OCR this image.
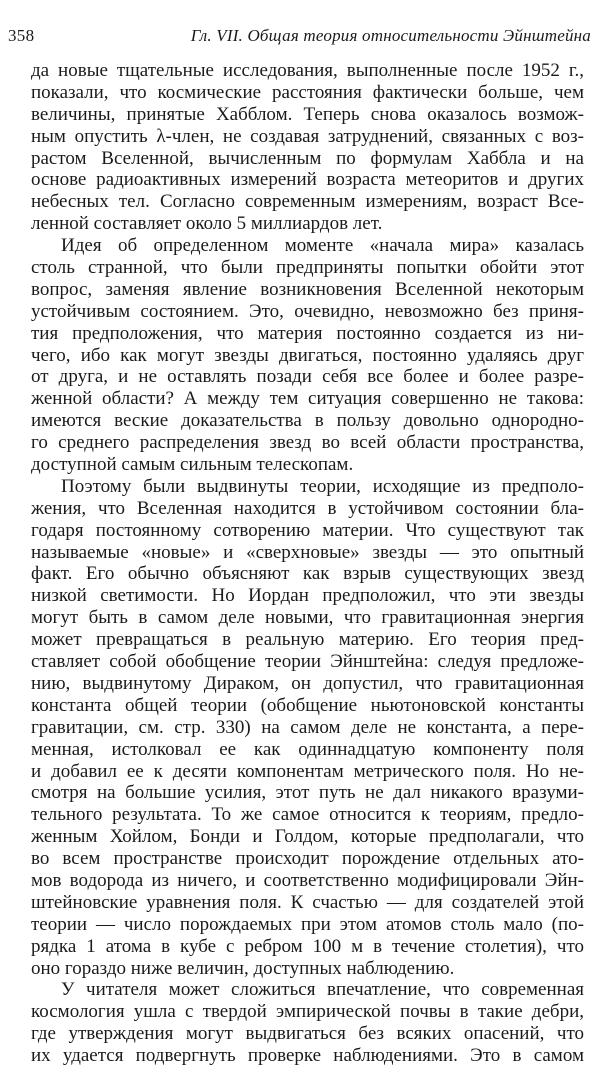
358	Гл. VII. Общая теория относительности Эйнштейна
да новые тщательные исследования, выполненные после 1952 г.,
показали, что космические расстояния фактически больше, чем
величины, принятые Хабблом. Теперь снова оказалось возмож-
ным опустить λ-член, не создавая затруднений, связанных с воз-
растом Вселенной, вычисленным по формулам Хаббла и на
основе радиоактивных измерений возраста метеоритов и других
небесных тел. Согласно современным измерениям, возраст Все-
ленной составляет около 5 миллиардов лет.
Идея об определенном моменте «начала мира» казалась
столь странной, что были предприняты попытки обойти этот
вопрос, заменяя явление возникновения Вселенной некоторым
устойчивым состоянием. Это, очевидно, невозможно без приня-
тия предположения, что материя постоянно создается из ни-
чего, ибо как могут звезды двигаться, постоянно удаляясь друг
от друга, и не оставлять позади себя все более и более разре-
женной области? А между тем ситуация совершенно не такова:
имеются веские доказательства в пользу довольно однородно-
го среднего распределения звезд во всей области пространства,
доступной самым сильным телескопам.
Поэтому были выдвинуты теории, исходящие из предполо-
жения, что Вселенная находится в устойчивом состоянии бла-
годаря постоянному сотворению материи. Что существуют так
называемые «новые» и «сверхновые» звезды — это опытный
факт. Его обычно объясняют как взрыв существующих звезд
низкой светимости. Но Иордан предположил, что эти звезды
могут быть в самом деле новыми, что гравитационная энергия
может превращаться в реальную материю. Его теория пред-
ставляет собой обобщение теории Эйнштейна: следуя предложе-
нию, выдвинутому Дираком, он допустил, что гравитационная
константа общей теории (обобщение ньютоновской константы
гравитации, см. стр. 330) на самом деле не константа, а пере-
менная, истолковал ее как одиннадцатую компоненту поля
и добавил ее к десяти компонентам метрического поля. Но не-
смотря на большие усилия, этот путь не дал никакого вразуми-
тельного результата. То же самое относится к теориям, предло-
женным Хойлом, Бонди и Голдом, которые предполагали, что
во всем пространстве происходит порождение отдельных ато-
мов водорода из ничего, и соответственно модифицировали Эйн-
штейновские уравнения поля. К счастью — для создателей этой
теории — число порождаемых при этом атомов столь мало (по-
рядка 1 атома в кубе с ребром 100 м в течение столетия), что
оно гораздо ниже величин, доступных наблюдению.
У читателя может сложиться впечатление, что современная
космология ушла с твердой эмпирической почвы в такие дебри,
где утверждения могут выдвигаться без всяких опасений, что
их удается подвергнуть проверке наблюдениями. Это в самом
